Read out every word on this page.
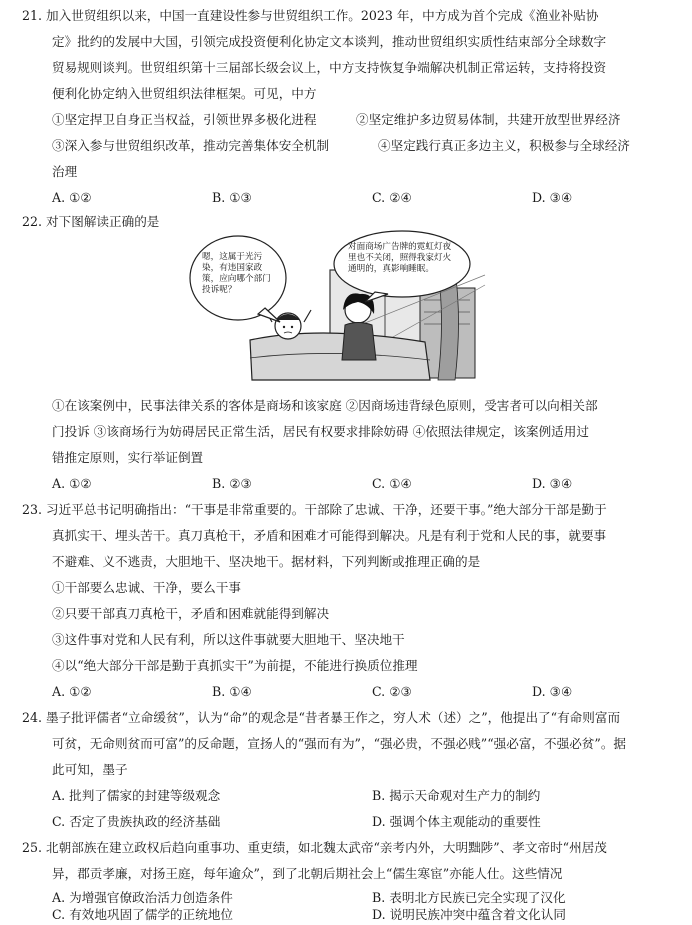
21. 加入世贸组织以来，中国一直建设性参与世贸组织工作。2023 年，中方成为首个完成《渔业补贴协
定》批约的发展中大国，引领完成投资便利化协定文本谈判，推动世贸组织实质性结束部分全球数字
贸易规则谈判。世贸组织第十三届部长级会议上，中方支持恢复争端解决机制正常运转，支持将投资
便利化协定纳入世贸组织法律框架。可见，中方
①坚定捍卫自身正当权益，引领世界多极化进程	②坚定维护多边贸易体制，共建开放型世界经济
③深入参与世贸组织改革，推动完善集体安全机制	④坚定践行真正多边主义，积极参与全球经济
治理
A. ①②	B. ①③	C. ②④	D. ③④
22. 对下图解读正确的是
嗯，这属于光污染，有违国家政策，应向哪个部门投诉呢？
对面商场广告牌的霓虹灯夜里也不关闭，照得我家灯火通明的，真影响睡眠。
①在该案例中，民事法律关系的客体是商场和该家庭 ②因商场违背绿色原则，受害者可以向相关部
门投诉 ③该商场行为妨碍居民正常生活，居民有权要求排除妨碍 ④依照法律规定，该案例适用过
错推定原则，实行举证倒置
A. ①②	B. ②③	C. ①④	D. ③④
23. 习近平总书记明确指出：“干事是非常重要的。干部除了忠诚、干净，还要干事。”绝大部分干部是勤于
真抓实干、埋头苦干。真刀真枪干，矛盾和困难才可能得到解决。凡是有利于党和人民的事，就要事
不避难、义不逃责，大胆地干、坚决地干。据材料，下列判断或推理正确的是
①干部要么忠诚、干净，要么干事
②只要干部真刀真枪干，矛盾和困难就能得到解决
③这件事对党和人民有利，所以这件事就要大胆地干、坚决地干
④以“绝大部分干部是勤于真抓实干”为前提，不能进行换质位推理
A. ①②	B. ①④	C. ②③	D. ③④
24. 墨子批评儒者“立命缓贫”，认为“命”的观念是“昔者暴王作之，穷人术（述）之”，他提出了“有命则富而
可贫，无命则贫而可富”的反命题，宣扬人的“强而有为”，“强必贵，不强必贱”“强必富，不强必贫”。据
此可知，墨子
A. 批判了儒家的封建等级观念	B. 揭示天命观对生产力的制约
C. 否定了贵族执政的经济基础	D. 强调个体主观能动的重要性
25. 北朝部族在建立政权后趋向重事功、重吏绩，如北魏太武帝“亲考内外，大明黜陟”、孝文帝时“州居茂
异，郡贡孝廉，对扬王庭，每年逾众”，到了北朝后期社会上“儒生寒宦”亦能人仕。这些情况
A. 为增强官僚政治活力创造条件	B. 表明北方民族已完全实现了汉化
C. 有效地巩固了儒学的正统地位	D. 说明民族冲突中蕴含着文化认同
